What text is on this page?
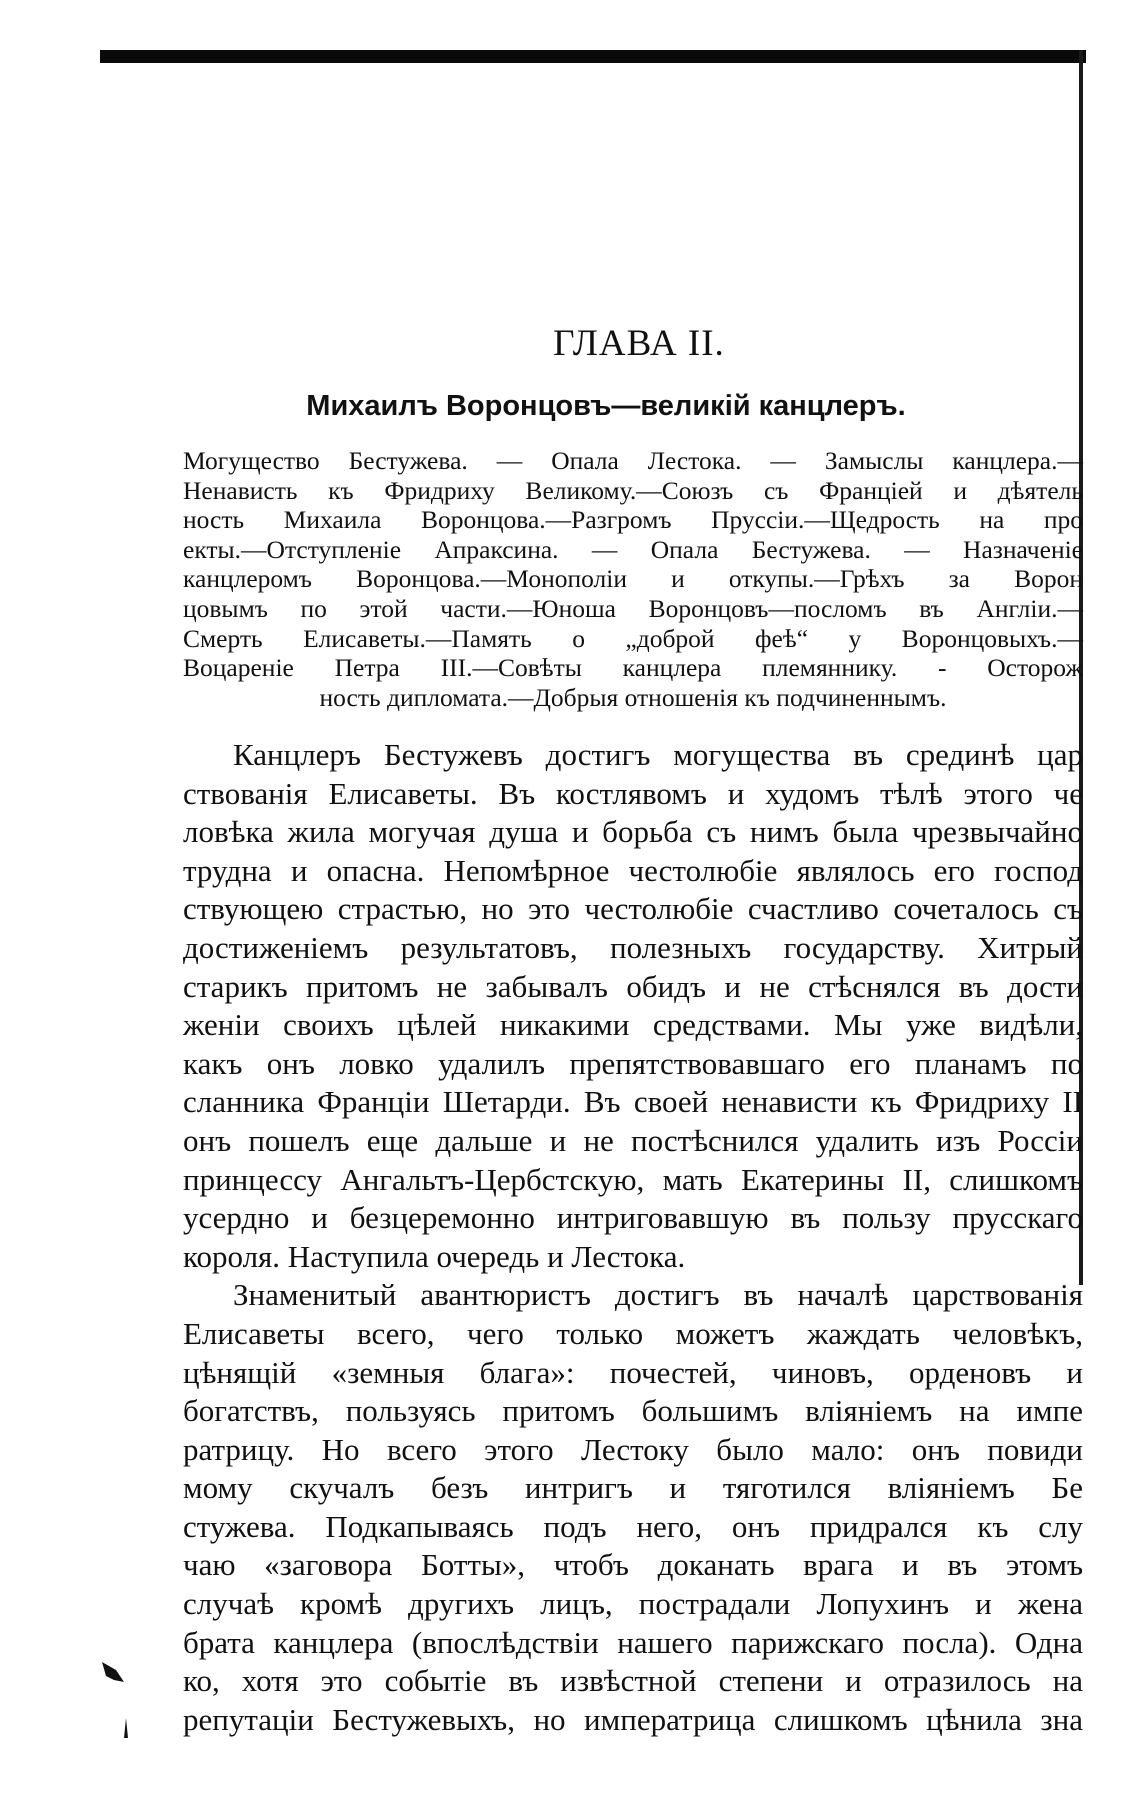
ГЛАВА II.
Михаилъ Воронцовъ—великій канцлеръ.
Могущество Бестужева. — Опала Лестока. — Замыслы канцлера.—
Ненависть къ Фридриху Великому.—Союзъ съ Франціей и дѣятель
ность Михаила Воронцова.—Разгромъ Пруссіи.—Щедрость на про
екты.—Отступленіе Апраксина. — Опала Бестужева. — Назначеніе
канцлеромъ Воронцова.—Монополіи и откупы.—Грѣхъ за Ворон
цовымъ по этой части.—Юноша Воронцовъ—посломъ въ Англіи.—
Смерть Елисаветы.—Память о „доброй феѣ“ у Воронцовыхъ.—
Воцареніе Петра III.—Совѣты канцлера племяннику. - Осторож
ность дипломата.—Добрыя отношенія къ подчиненнымъ.
Канцлеръ Бестужевъ достигъ могущества въ срединѣ цар
ствованія Елисаветы. Въ костлявомъ и худомъ тѣлѣ этого че
ловѣка жила могучая душа и борьба съ нимъ была чрезвычайно
трудна и опасна. Непомѣрное честолюбіе являлось его господ
ствующею страстью, но это честолюбіе счастливо сочеталось съ
достиженіемъ результатовъ, полезныхъ государству. Хитрый
старикъ притомъ не забывалъ обидъ и не стѣснялся въ дости
женіи своихъ цѣлей никакими средствами. Мы уже видѣли,
какъ онъ ловко удалилъ препятствовавшаго его планамъ по
сланника Франціи Шетарди. Въ своей ненависти къ Фридриху II
онъ пошелъ еще дальше и не постѣснился удалить изъ Россіи
принцессу Ангальтъ-Цербстскую, мать Екатерины II, слишкомъ
усердно и безцеремонно интриговавшую въ пользу прусскаго
короля. Наступила очередь и Лестока.
Знаменитый авантюристъ достигъ въ началѣ царствованія
Елисаветы всего, чего только можетъ жаждать человѣкъ,
цѣнящій «земныя блага»: почестей, чиновъ, орденовъ и
богатствъ, пользуясь притомъ большимъ вліяніемъ на импе
ратрицу. Но всего этого Лестоку было мало: онъ повиди
мому скучалъ безъ интригъ и тяготился вліяніемъ Бе
стужева. Подкапываясь подъ него, онъ придрался къ слу
чаю «заговора Ботты», чтобъ доканать врага и въ этомъ
случаѣ кромѣ другихъ лицъ, пострадали Лопухинъ и жена
брата канцлера (впослѣдствіи нашего парижскаго посла). Одна
ко, хотя это событіе въ извѣстной степени и отразилось на
репутаціи Бестужевыхъ, но императрица слишкомъ цѣнила зна
